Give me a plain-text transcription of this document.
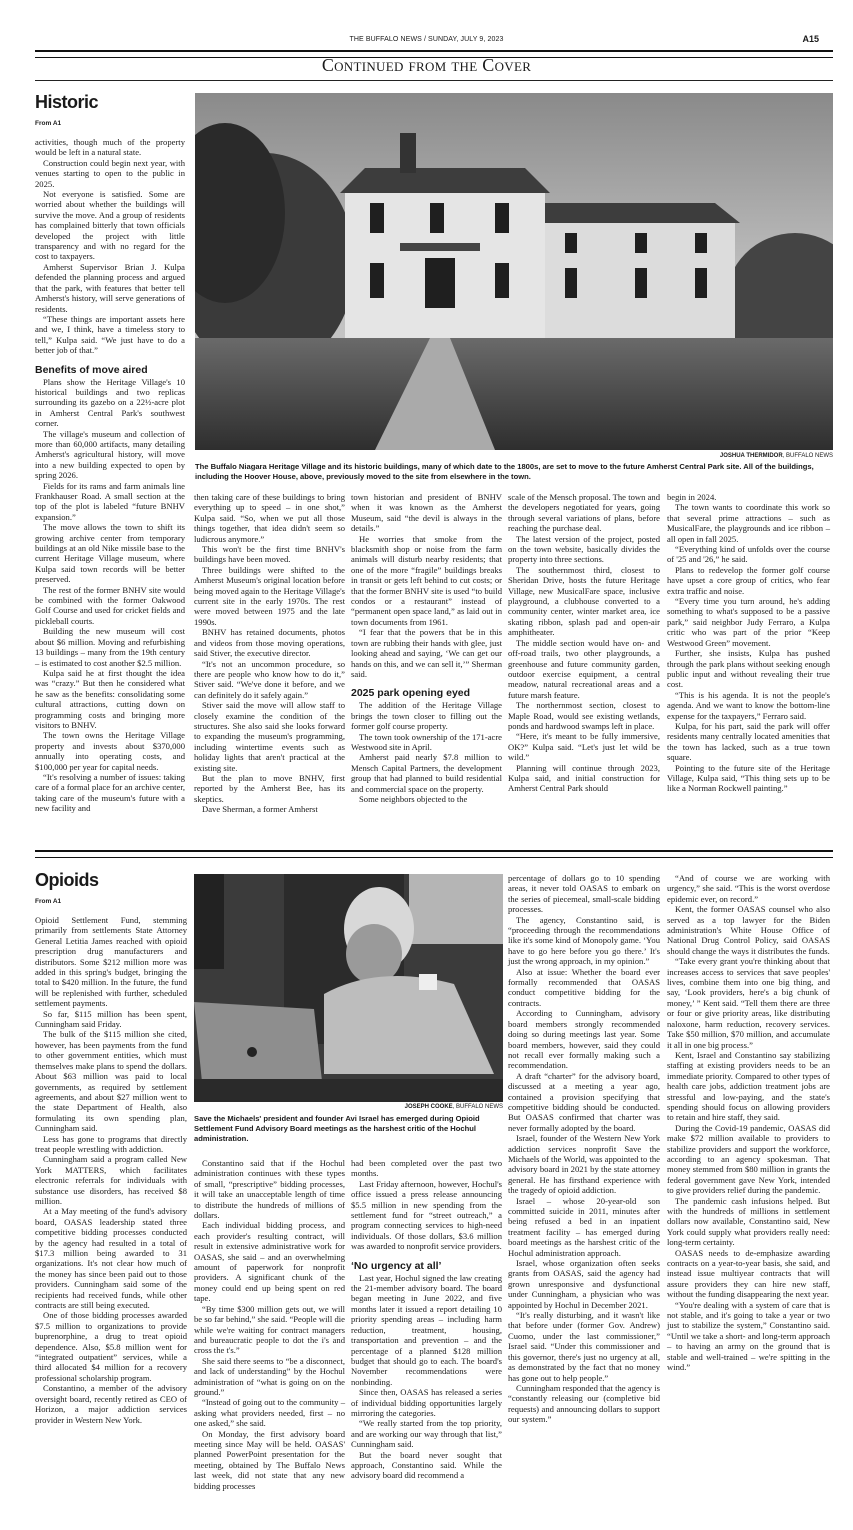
THE BUFFALO NEWS / SUNDAY, JULY 9, 2023	A15
Continued from the Cover
Historic
From A1
JOSHUA THERMIDOR, BUFFALO NEWS
The Buffalo Niagara Heritage Village and its historic buildings, many of which date to the 1800s, are set to move to the future Amherst Central Park site. All of the buildings, including the Hoover House, above, previously moved to the site from elsewhere in the town.

activities, though much of the property would be left in a natural state.

Construction could begin next year, with venues starting to open to the public in 2025.

Not everyone is satisfied. Some are worried about whether the buildings will survive the move. And a group of residents has complained bitterly that town officials developed the project with little transparency and with no regard for the cost to taxpayers.

Amherst Supervisor Brian J. Kulpa defended the planning process and argued that the park, with features that better tell Amherst's history, will serve generations of residents.

“These things are important assets here and we, I think, have a timeless story to tell,” Kulpa said. “We just have to do a better job of that.”

Benefits of move aired

Plans show the Heritage Village's 10 historical buildings and two replicas surrounding its gazebo on a 22½-acre plot in Amherst Central Park's southwest corner.

The village's museum and collection of more than 60,000 artifacts, many detailing Amherst's agricultural history, will move into a new building expected to open by spring 2026.

Fields for its rams and farm animals line Frankhauser Road. A small section at the top of the plot is labeled “future BNHV expansion.”

The move allows the town to shift its growing archive center from temporary buildings at an old Nike missile base to the current Heritage Village museum, where Kulpa said town records will be better preserved.

The rest of the former BNHV site would be combined with the former Oakwood Golf Course and used for cricket fields and pickleball courts.

Building the new museum will cost about $6 million. Moving and refurbishing 13 buildings – many from the 19th century – is estimated to cost another $2.5 million.

Kulpa said he at first thought the idea was “crazy.” But then he considered what he saw as the benefits: consolidating some cultural attractions, cutting down on programming costs and bringing more visitors to BNHV.

The town owns the Heritage Village property and invests about $370,000 annually into operating costs, and $100,000 per year for capital needs.

“It's resolving a number of issues: taking care of a formal place for an archive center, taking care of the museum's future with a new facility and

then taking care of these buildings to bring everything up to speed – in one shot,” Kulpa said. “So, when we put all those things together, that idea didn't seem so ludicrous anymore.”

This won't be the first time BNHV's buildings have been moved.

Three buildings were shifted to the Amherst Museum's original location before being moved again to the Heritage Village's current site in the early 1970s. The rest were moved between 1975 and the late 1990s.

BNHV has retained documents, photos and videos from those moving operations, said Stiver, the executive director.

“It's not an uncommon procedure, so there are people who know how to do it,” Stiver said. “We've done it before, and we can definitely do it safely again.”

Stiver said the move will allow staff to closely examine the condition of the structures. She also said she looks forward to expanding the museum's programming, including wintertime events such as holiday lights that aren't practical at the existing site.

But the plan to move BNHV, first reported by the Amherst Bee, has its skeptics.

Dave Sherman, a former Amherst

town historian and president of BNHV when it was known as the Amherst Museum, said “the devil is always in the details.”

He worries that smoke from the blacksmith shop or noise from the farm animals will disturb nearby residents; that one of the more “fragile” buildings breaks in transit or gets left behind to cut costs; or that the former BNHV site is used “to build condos or a restaurant” instead of “permanent open space land,” as laid out in town documents from 1961.

“I fear that the powers that be in this town are rubbing their hands with glee, just looking ahead and saying, ‘We can get our hands on this, and we can sell it,’” Sherman said.

2025 park opening eyed

The addition of the Heritage Village brings the town closer to filling out the former golf course property.

The town took ownership of the 171-acre Westwood site in April.

Amherst paid nearly $7.8 million to Mensch Capital Partners, the development group that had planned to build residential and commercial space on the property.

Some neighbors objected to the

scale of the Mensch proposal. The town and the developers negotiated for years, going through several variations of plans, before reaching the purchase deal.

The latest version of the project, posted on the town website, basically divides the property into three sections.

The southernmost third, closest to Sheridan Drive, hosts the future Heritage Village, new MusicalFare space, inclusive playground, a clubhouse converted to a community center, winter market area, ice skating ribbon, splash pad and open-air amphitheater.

The middle section would have on- and off-road trails, two other playgrounds, a greenhouse and future community garden, outdoor exercise equipment, a central meadow, natural recreational areas and a future marsh feature.

The northernmost section, closest to Maple Road, would see existing wetlands, ponds and hardwood swamps left in place.

“Here, it's meant to be fully immersive, OK?” Kulpa said. “Let's just let wild be wild.”

Planning will continue through 2023, Kulpa said, and initial construction for Amherst Central Park should

begin in 2024.

The town wants to coordinate this work so that several prime attractions – such as MusicalFare, the playgrounds and ice ribbon – all open in fall 2025.

“Everything kind of unfolds over the course of '25 and '26,” he said.

Plans to redevelop the former golf course have upset a core group of critics, who fear extra traffic and noise.

“Every time you turn around, he's adding something to what's supposed to be a passive park,” said neighbor Judy Ferraro, a Kulpa critic who was part of the prior “Keep Westwood Green” movement.

Further, she insists, Kulpa has pushed through the park plans without seeking enough public input and without revealing their true cost.

“This is his agenda. It is not the people's agenda. And we want to know the bottom-line expense for the taxpayers,” Ferraro said.

Kulpa, for his part, said the park will offer residents many centrally located amenities that the town has lacked, such as a true town square.

Pointing to the future site of the Heritage Village, Kulpa said, “This thing sets up to be like a Norman Rockwell painting.”

Opioids
From A1
JOSEPH COOKE, BUFFALO NEWS
Save the Michaels' president and founder Avi Israel has emerged during Opioid Settlement Fund Advisory Board meetings as the harshest critic of the Hochul administration.

Opioid Settlement Fund, stemming primarily from settlements State Attorney General Letitia James reached with opioid prescription drug manufacturers and distributors. Some $212 million more was added in this spring's budget, bringing the total to $420 million. In the future, the fund will be replenished with further, scheduled settlement payments.

So far, $115 million has been spent, Cunningham said Friday.

The bulk of the $115 million she cited, however, has been payments from the fund to other government entities, which must themselves make plans to spend the dollars. About $63 million was paid to local governments, as required by settlement agreements, and about $27 million went to the state Department of Health, also formulating its own spending plan, Cunningham said.

Less has gone to programs that directly treat people wrestling with addiction.

Cunningham said a program called New York MATTERS, which facilitates electronic referrals for individuals with substance use disorders, has received $8 million.

At a May meeting of the fund's advisory board, OASAS leadership stated three competitive bidding processes conducted by the agency had resulted in a total of $17.3 million being awarded to 31 organizations. It's not clear how much of the money has since been paid out to those providers. Cunningham said some of the recipients had received funds, while other contracts are still being executed.

One of those bidding processes awarded $7.5 million to organizations to provide buprenorphine, a drug to treat opioid dependence. Also, $5.8 million went for “integrated outpatient” services, while a third allocated $4 million for a recovery professional scholarship program.

Constantino, a member of the advisory oversight board, recently retired as CEO of Horizon, a major addiction services provider in Western New York.

Constantino said that if the Hochul administration continues with these types of small, “prescriptive” bidding processes, it will take an unacceptable length of time to distribute the hundreds of millions of dollars.

Each individual bidding process, and each provider's resulting contract, will result in extensive administrative work for OASAS, she said – and an overwhelming amount of paperwork for nonprofit providers. A significant chunk of the money could end up being spent on red tape.

“By time $300 million gets out, we will be so far behind,” she said. “People will die while we're waiting for contract managers and bureaucratic people to dot the i's and cross the t's.”

She said there seems to “be a disconnect, and lack of understanding” by the Hochul administration of “what is going on on the ground.”

“Instead of going out to the community – asking what providers needed, first – no one asked,” she said.

On Monday, the first advisory board meeting since May will be held. OASAS' planned PowerPoint presentation for the meeting, obtained by The Buffalo News last week, did not state that any new bidding processes

had been completed over the past two months.

Last Friday afternoon, however, Hochul's office issued a press release announcing $5.5 million in new spending from the settlement fund for “street outreach,” a program connecting services to high-need individuals. Of those dollars, $3.6 million was awarded to nonprofit service providers.

‘No urgency at all’

Last year, Hochul signed the law creating the 21-member advisory board. The board began meeting in June 2022, and five months later it issued a report detailing 10 priority spending areas – including harm reduction, treatment, housing, transportation and prevention – and the percentage of a planned $128 million budget that should go to each. The board's November recommendations were nonbinding.

Since then, OASAS has released a series of individual bidding opportunities largely mirroring the categories.

“We really started from the top priority, and are working our way through that list,” Cunningham said.

But the board never sought that approach, Constantino said. While the advisory board did recommend a

percentage of dollars go to 10 spending areas, it never told OASAS to embark on the series of piecemeal, small-scale bidding processes.

The agency, Constantino said, is “proceeding through the recommendations like it's some kind of Monopoly game. ‘You have to go here before you go there.’ It's just the wrong approach, in my opinion.”

Also at issue: Whether the board ever formally recommended that OASAS conduct competitive bidding for the contracts.

According to Cunningham, advisory board members strongly recommended doing so during meetings last year. Some board members, however, said they could not recall ever formally making such a recommendation.

A draft “charter” for the advisory board, discussed at a meeting a year ago, contained a provision specifying that competitive bidding should be conducted. But OASAS confirmed that charter was never formally adopted by the board.

Israel, founder of the Western New York addiction services nonprofit Save the Michaels of the World, was appointed to the advisory board in 2021 by the state attorney general. He has firsthand experience with the tragedy of opioid addiction.

Israel – whose 20-year-old son committed suicide in 2011, minutes after being refused a bed in an inpatient treatment facility – has emerged during board meetings as the harshest critic of the Hochul administration approach.

Israel, whose organization often seeks grants from OASAS, said the agency had grown unresponsive and dysfunctional under Cunningham, a physician who was appointed by Hochul in December 2021.

“It's really disturbing, and it wasn't like that before under (former Gov. Andrew) Cuomo, under the last commissioner,” Israel said. “Under this commissioner and this governor, there's just no urgency at all, as demonstrated by the fact that no money has gone out to help people.”

Cunningham responded that the agency is “constantly releasing our (completive bid requests) and announcing dollars to support our system.”

“And of course we are working with urgency,” she said. “This is the worst overdose epidemic ever, on record.”

Kent, the former OASAS counsel who also served as a top lawyer for the Biden administration's White House Office of National Drug Control Policy, said OASAS should change the ways it distributes the funds.

“Take every grant you're thinking about that increases access to services that save peoples' lives, combine them into one big thing, and say, ‘Look providers, here's a big chunk of money,’ ” Kent said. “Tell them there are three or four or give priority areas, like distributing naloxone, harm reduction, recovery services. Take $50 million, $70 million, and accumulate it all in one big process.”

Kent, Israel and Constantino say stabilizing staffing at existing providers needs to be an immediate priority. Compared to other types of health care jobs, addiction treatment jobs are stressful and low-paying, and the state's spending should focus on allowing providers to retain and hire staff, they said.

During the Covid-19 pandemic, OASAS did make $72 million available to providers to stabilize providers and support the workforce, according to an agency spokesman. That money stemmed from $80 million in grants the federal government gave New York, intended to give providers relief during the pandemic.

The pandemic cash infusions helped. But with the hundreds of millions in settlement dollars now available, Constantino said, New York could supply what providers really need: long-term certainty.

OASAS needs to de-emphasize awarding contracts on a year-to-year basis, she said, and instead issue multiyear contracts that will assure providers they can hire new staff, without the funding disappearing the next year.

“You're dealing with a system of care that is not stable, and it's going to take a year or two just to stabilize the system,” Constantino said. “Until we take a short- and long-term approach – to having an army on the ground that is stable and well-trained – we're spitting in the wind.”
